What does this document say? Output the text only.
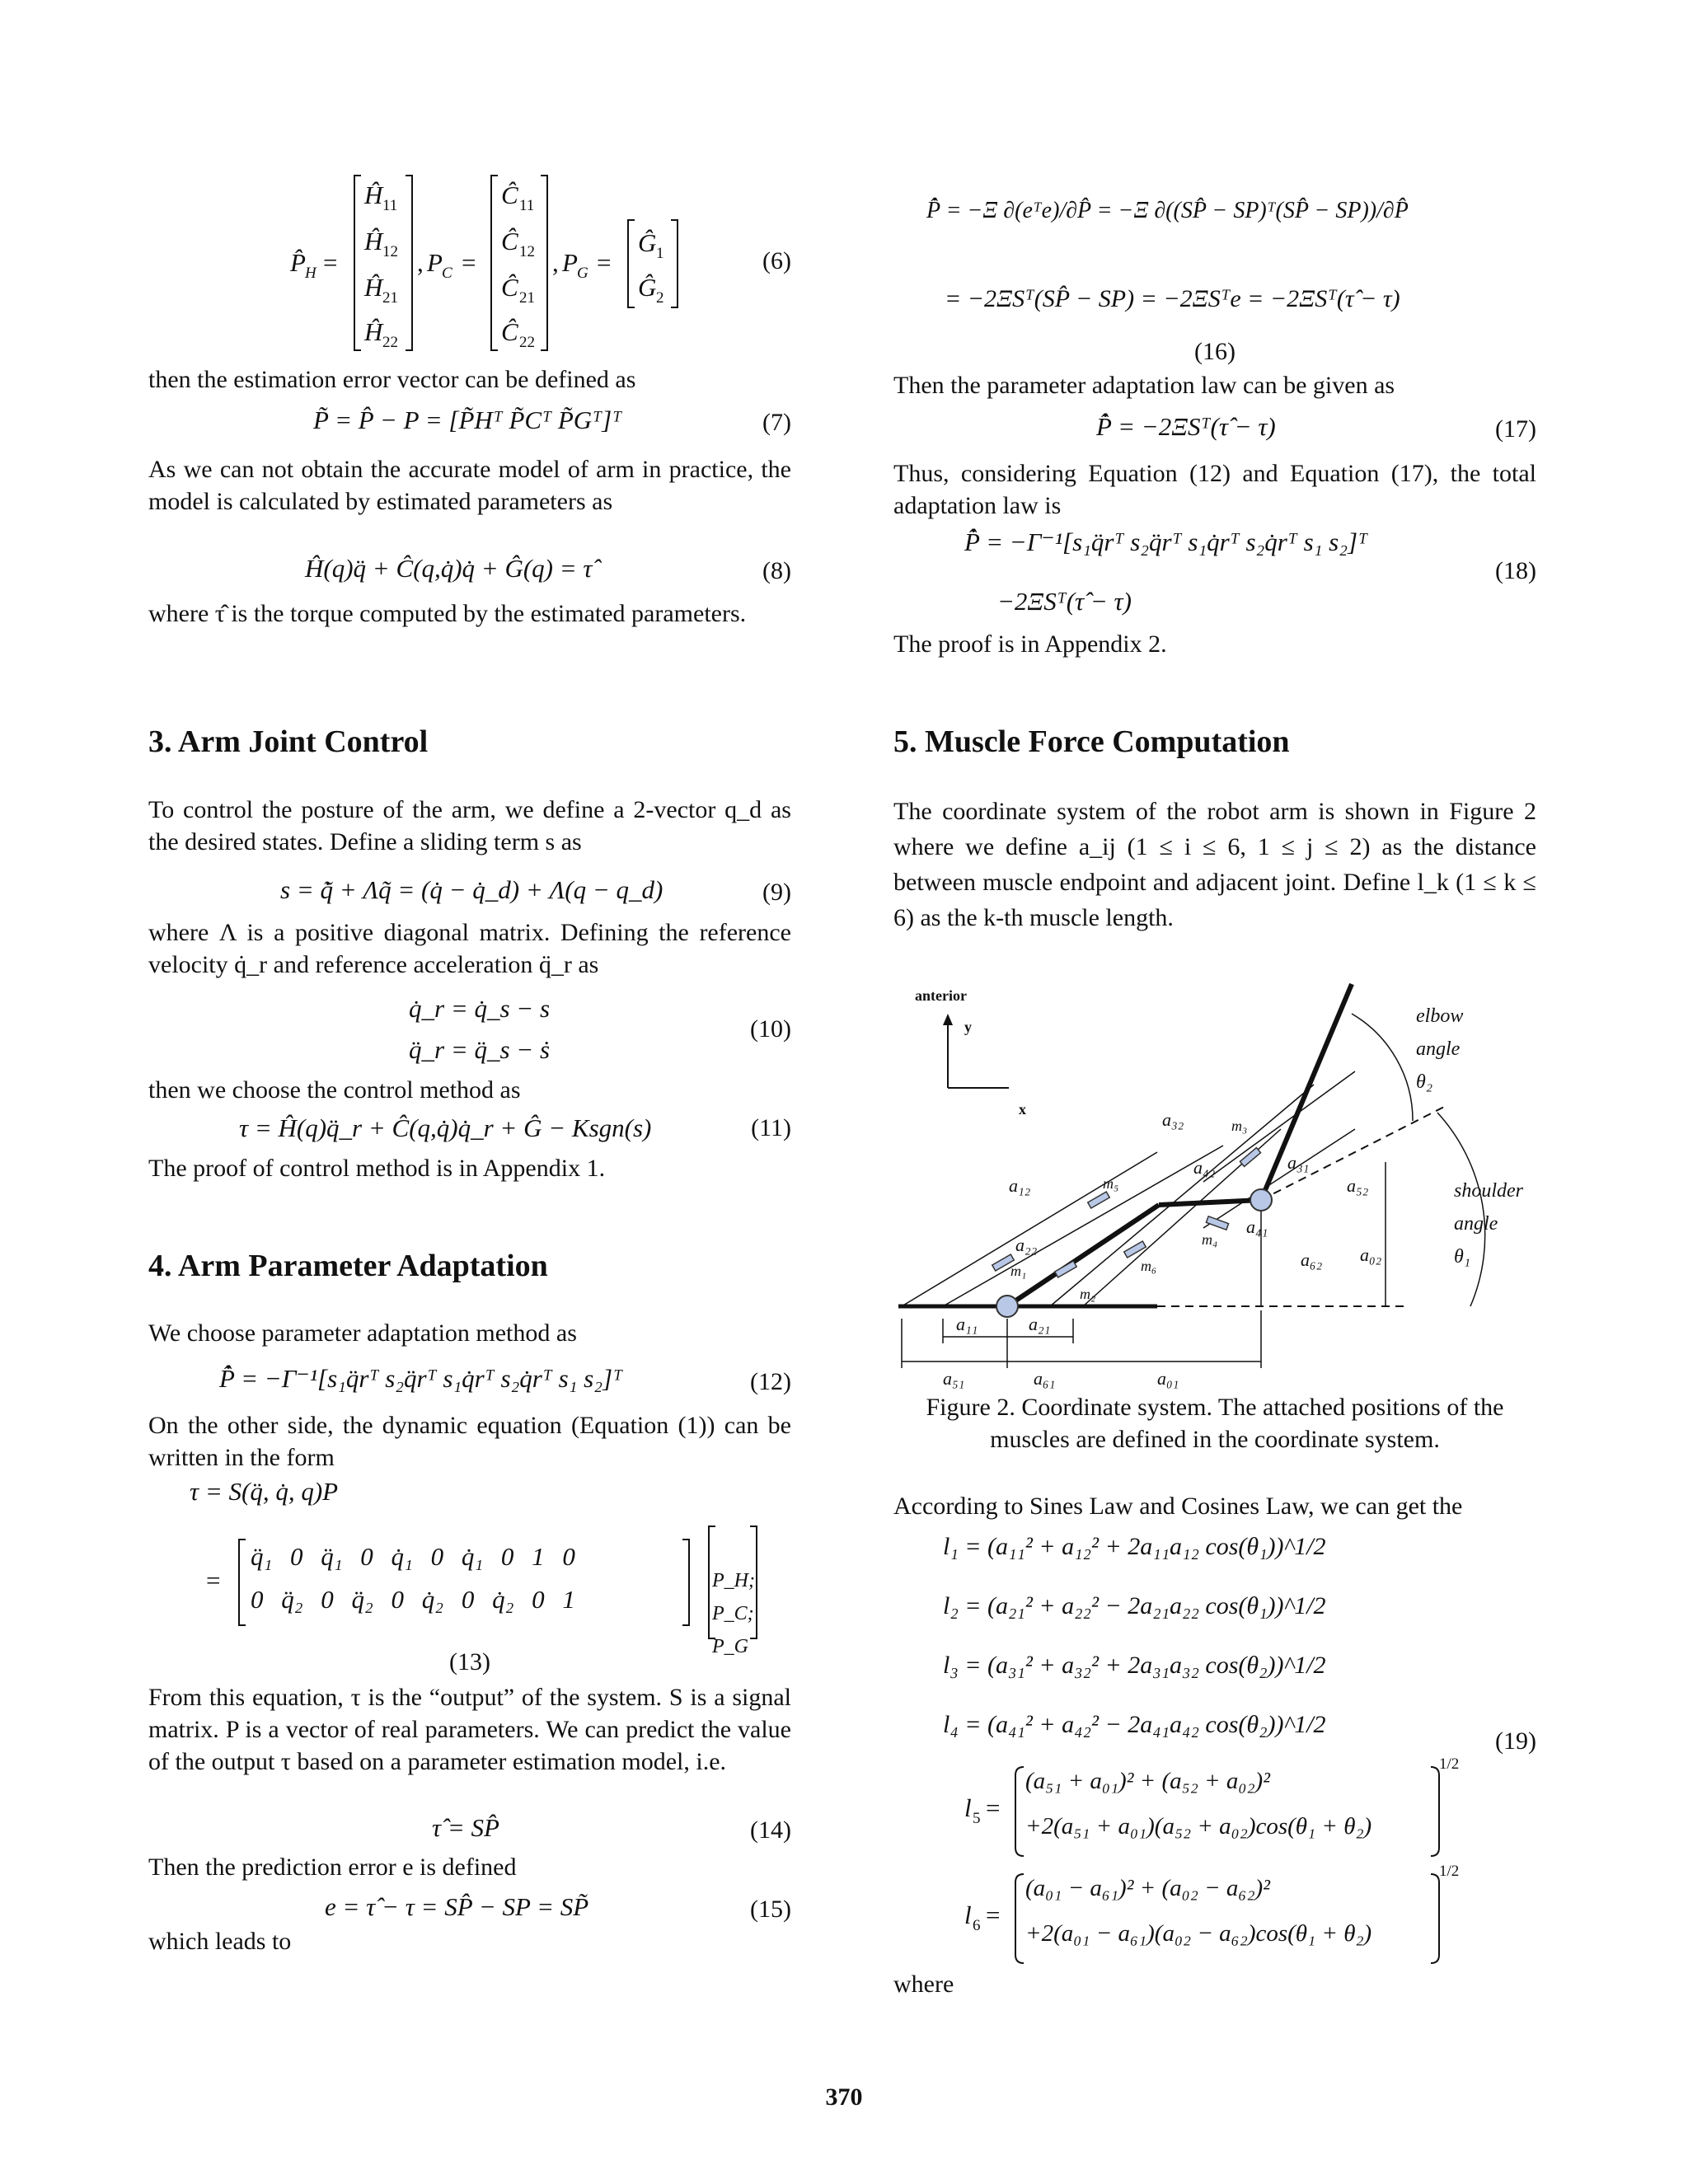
P̂ H =
Ĥ 11
Ĥ 12
Ĥ 21
Ĥ 22
, P C =
Ĉ 11
Ĉ 12
Ĉ 21
Ĉ 22
, P G =
Ĝ 1
Ĝ 2
(6)

then the estimation error vector can be defined as

P̃ = P̂ − P = [P̃Hᵀ P̃Cᵀ P̃Gᵀ]ᵀ	(7)

As we can not obtain the accurate model of arm in practice, the model is calculated by estimated parameters as

Ĥ(q)q̈ + Ĉ(q,q̇)q̇ + Ĝ(q) = τ̂	(8)

where τ̂ is the torque computed by the estimated parameters.

3. Arm Joint Control

To control the posture of the arm, we define a 2-vector q_d as the desired states. Define a sliding term s as

s = q̃̇ + Λq̃ = (q̇ − q̇_d) + Λ(q − q_d)	(9)

where Λ is a positive diagonal matrix. Defining the reference velocity q̇_r and reference acceleration q̈_r as

q̇_r = q̇_s − s
q̈_r = q̈_s − ṡ
(10)

then we choose the control method as

τ = Ĥ(q)q̈_r + Ĉ(q,q̇)q̇_r + Ĝ − Ksgn(s)	(11)

The proof of control method is in Appendix 1.

4. Arm Parameter Adaptation

We choose parameter adaptation method as

P̂̇ = −Γ⁻¹[s₁q̈rᵀ s₂q̈rᵀ s₁q̇rᵀ s₂q̇rᵀ s₁ s₂]ᵀ	(12)

On the other side, the dynamic equation (Equation (1)) can be written in the form

τ = S(q̈, q̇, q)P
=
q̈₁ 0 q̈₁ 0 q̇₁ 0 q̇₁ 0 1 0
0 q̈₂ 0 q̈₂ 0 q̇₂ 0 q̇₂ 0 1
P_H; P_C; P_G
(13)

From this equation, τ is the “output” of the system. S is a signal matrix. P is a vector of real parameters. We can predict the value of the output τ based on a parameter estimation model, i.e.

τ̂ = SP̂	(14)

Then the prediction error e is defined

e = τ̂ − τ = SP̂ − SP = SP̃	(15)

which leads to

P̂̇ = −Ξ ∂(eᵀe)/∂P̂ = −Ξ ∂((SP̂ − SP)ᵀ(SP̂ − SP))/∂P̂
= −2ΞSᵀ(SP̂ − SP) = −2ΞSᵀe = −2ΞSᵀ(τ̂ − τ)
(16)

Then the parameter adaptation law can be given as

P̂̇ = −2ΞSᵀ(τ̂ − τ)	(17)

Thus, considering Equation (12) and Equation (17), the total adaptation law is

P̂̇ = −Γ⁻¹[s₁q̈rᵀ s₂q̈rᵀ s₁q̇rᵀ s₂q̇rᵀ s₁ s₂]ᵀ
−2ΞSᵀ(τ̂ − τ)
(18)

The proof is in Appendix 2.

5. Muscle Force Computation

The coordinate system of the robot arm is shown in Figure 2 where we define a_ij (1 ≤ i ≤ 6, 1 ≤ j ≤ 2) as the distance between muscle endpoint and adjacent joint. Define l_k (1 ≤ k ≤ 6) as the k-th muscle length.

anterior
y
x
elbow
angle
θ₂
shoulder
angle
θ₁
a₁₂
a₂₂
a₃₂
a₄₂	a₃₁
a₅₂
a₄₁
a₆₂ a₀₂
a₁₁	a₂₁
a₅₁	a₆₁	a₀₁
m₁
m₂
m₃
m₄
m₅
m₆

Figure 2. Coordinate system. The attached positions of the muscles are defined in the coordinate system.

According to Sines Law and Cosines Law, we can get the

l₁ = (a₁₁² + a₁₂² + 2a₁₁a₁₂ cos(θ₁))^1/2
l₂ = (a₂₁² + a₂₂² − 2a₂₁a₂₂ cos(θ₁))^1/2
l₃ = (a₃₁² + a₃₂² + 2a₃₁a₃₂ cos(θ₂))^1/2
l₄ = (a₄₁² + a₄₂² − 2a₄₁a₄₂ cos(θ₂))^1/2
(19)
l 5 =
l 6 =
1/2
1/2
(a₅₁ + a₀₁)² + (a₅₂ + a₀₂)²
+2(a₅₁ + a₀₁)(a₅₂ + a₀₂)cos(θ₁ + θ₂)
(a₀₁ − a₆₁)² + (a₀₂ − a₆₂)²
+2(a₀₁ − a₆₁)(a₀₂ − a₆₂)cos(θ₁ + θ₂)

where

370
